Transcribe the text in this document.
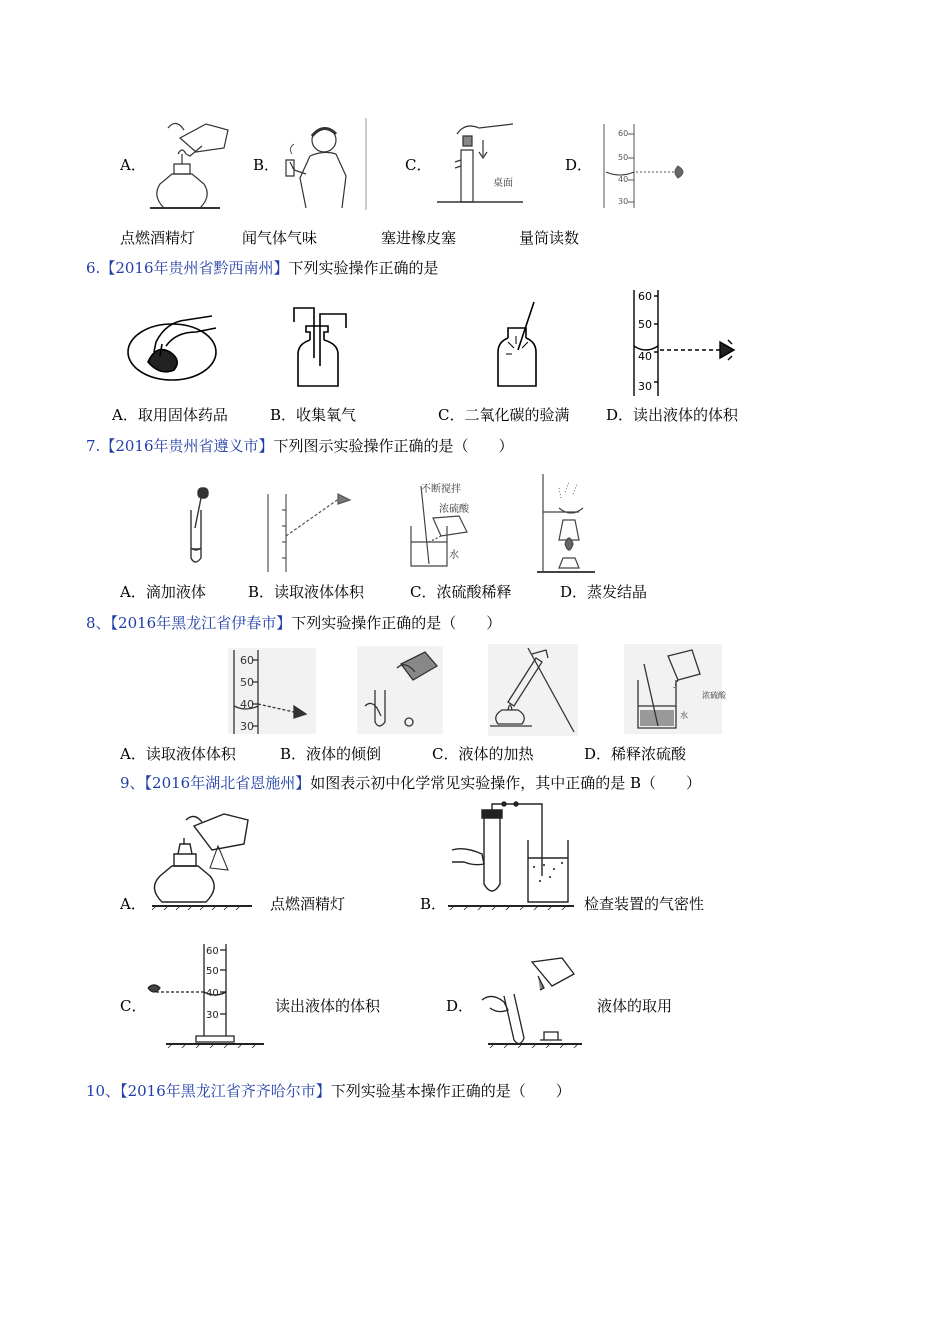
A．	B．	C．
桌面
D．
60
50
40
30
点燃酒精灯	闻气体气味	塞进橡皮塞	量筒读数
6.【2016年贵州省黔西南州】下列实验操作正确的是
60
50
40
30
A．取用固体药品	B．收集氧气	C．二氧化碳的验满 D．读出液体的体积
7.【2016年贵州省遵义市】下列图示实验操作正确的是（　　）
不断搅拌
浓硫酸
水
A．滴加液体	B．读取液体体积	C．浓硫酸稀释	D．蒸发结晶
8、【2016年黑龙江省伊春市】下列实验操作正确的是（　　）
60
50
40
30
浓硫酸
水
A．读取液体体积	B．液体的倾倒	C．液体的加热	D．稀释浓硫酸
9、【2016年湖北省恩施州】如图表示初中化学常见实验操作，其中正确的是 B（　　）
A．	点燃酒精灯	B．	检查装置的气密性
C．
60
50
40
30
读出液体的体积	D．	液体的取用
10、【2016年黑龙江省齐齐哈尔市】下列实验基本操作正确的是（　　）
